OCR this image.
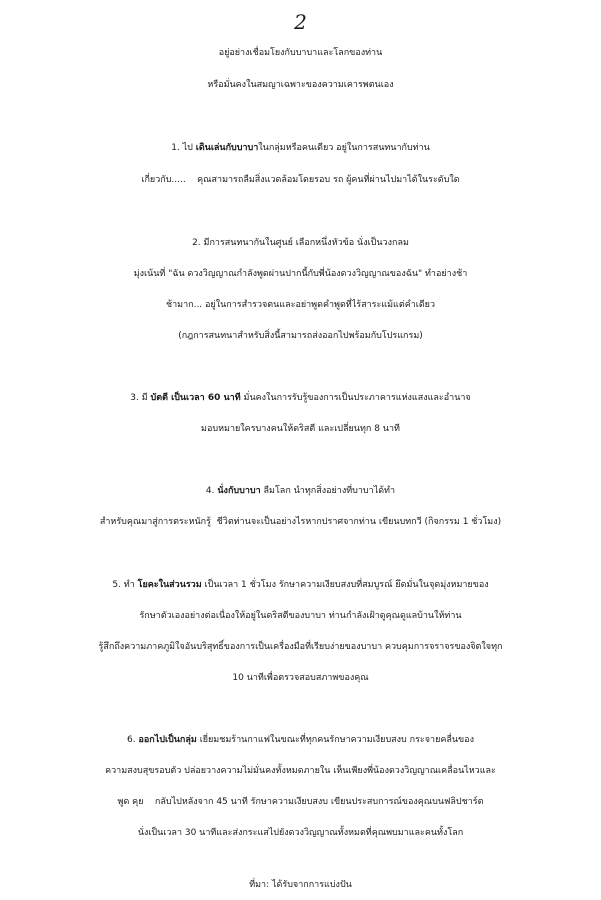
2
อยู่อย่างเชื่อมโยงกับบาบาและโลกของท่าน
หรือมั่นคงในสมญาเฉพาะของความเคารพตนเอง
1. ไป เดินเล่นกับบาบาในกลุ่มหรือคนเดียว อยู่ในการสนทนากับท่าน
เกี่ยวกับ.....    คุณสามารถลืมสิ่งแวดล้อมโดยรอบ รถ ผู้คนที่ผ่านไปมาได้ในระดับใด
2. มีการสนทนากันในศูนย์ เลือกหนึ่งหัวข้อ นั่งเป็นวงกลม
มุ่งเน้นที่ "ฉัน ดวงวิญญาณกำลังพูดผ่านปากนี้กับพี่น้องดวงวิญญาณของฉัน" ทำอย่างช้า
ช้ามาก... อยู่ในการสำรวจตนและอย่าพูดคำพูดที่ไร้สาระแม้แต่คำเดียว
(กฎการสนทนาสำหรับสิ่งนี้สามารถส่งออกไปพร้อมกับโปรแกรม)
3. มี บัตตี เป็นเวลา 60 นาที มั่นคงในการรับรู้ของการเป็นประภาคารแห่งแสงและอำนาจ
มอบหมายใครบางคนให้ดริสตี และเปลี่ยนทุก 8 นาที
4. นั่งกับบาบา ลืมโลก นำทุกสิ่งอย่างที่บาบาได้ทำ
สำหรับคุณมาสู่การตระหนักรู้  ชีวิตท่านจะเป็นอย่างไรหากปราศจากท่าน เขียนบทกวี (กิจกรรม 1 ชั่วโมง)
5. ทำ โยคะในส่วนรวม เป็นเวลา 1 ชั่วโมง รักษาความเงียบสงบที่สมบูรณ์ ยึดมั่นในจุดมุ่งหมายของ
รักษาตัวเองอย่างต่อเนื่องให้อยู่ในดริสตีของบาบา ท่านกำลังเฝ้าดูคุณดูแลบ้านให้ท่าน
รู้สึกถึงความภาคภูมิใจอันบริสุทธิ์ของการเป็นเครื่องมือที่เรียบง่ายของบาบา ควบคุมการจราจรของจิตใจทุก
10 นาทีเพื่อตรวจสอบสภาพของคุณ
6. ออกไปเป็นกลุ่ม เยี่ยมชมร้านกาแฟในขณะที่ทุกคนรักษาความเงียบสงบ กระจายคลื่นของ
ความสงบสุขรอบตัว ปล่อยวางความไม่มั่นคงทั้งหมดภายใน เห็นเพียงพี่น้องดวงวิญญาณเคลื่อนไหวและ
พูด คุย    กลับไปหลังจาก 45 นาที รักษาความเงียบสงบ เขียนประสบการณ์ของคุณบนฟลิปชาร์ต
นั่งเป็นเวลา 30 นาทีและส่งกระแสไปยังดวงวิญญาณทั้งหมดที่คุณพบมาและคนทั้งโลก
ที่มา: ได้รับจากการแบ่งปัน
